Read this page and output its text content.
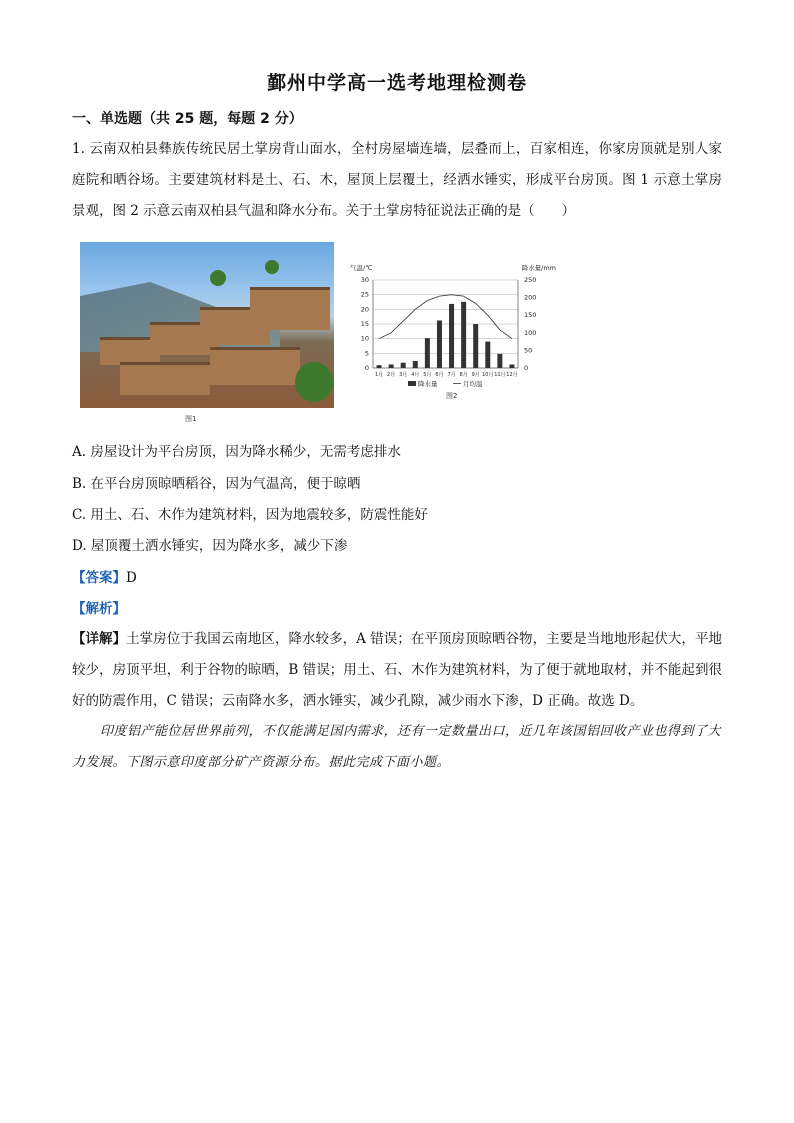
鄞州中学高一选考地理检测卷
一、单选题（共 25 题，每题 2 分）
1. 云南双柏县彝族传统民居土掌房背山面水，全村房屋墙连墙，层叠而上，百家相连，你家房顶就是别人家庭院和晒谷场。主要建筑材料是土、石、木，屋顶上层覆土，经洒水锤实，形成平台房顶。图 1 示意土掌房景观，图 2 示意云南双柏县气温和降水分布。关于土掌房特征说法正确的是（　　）
图1
气温/℃	降水量/mm
0
5
10
15
20
25
30
0
50
100
150
200
250
1月 2月 3月 4月 5月 6月 7月 8月 9月 10月 11月 12月
降水量	月均温
图2
A. 房屋设计为平台房顶，因为降水稀少，无需考虑排水
B. 在平台房顶晾晒稻谷，因为气温高，便于晾晒
C. 用土、石、木作为建筑材料，因为地震较多，防震性能好
D. 屋顶覆土洒水锤实，因为降水多，减少下渗
【答案】D
【解析】
【详解】土掌房位于我国云南地区，降水较多，A 错误；在平顶房顶晾晒谷物，主要是当地地形起伏大，平地较少，房顶平坦，利于谷物的晾晒，B 错误；用土、石、木作为建筑材料，为了便于就地取材，并不能起到很好的防震作用，C 错误；云南降水多，洒水锤实，减少孔隙，减少雨水下渗，D 正确。故选 D。
印度铝产能位居世界前列，不仅能满足国内需求，还有一定数量出口，近几年该国铝回收产业也得到了大力发展。下图示意印度部分矿产资源分布。据此完成下面小题。
